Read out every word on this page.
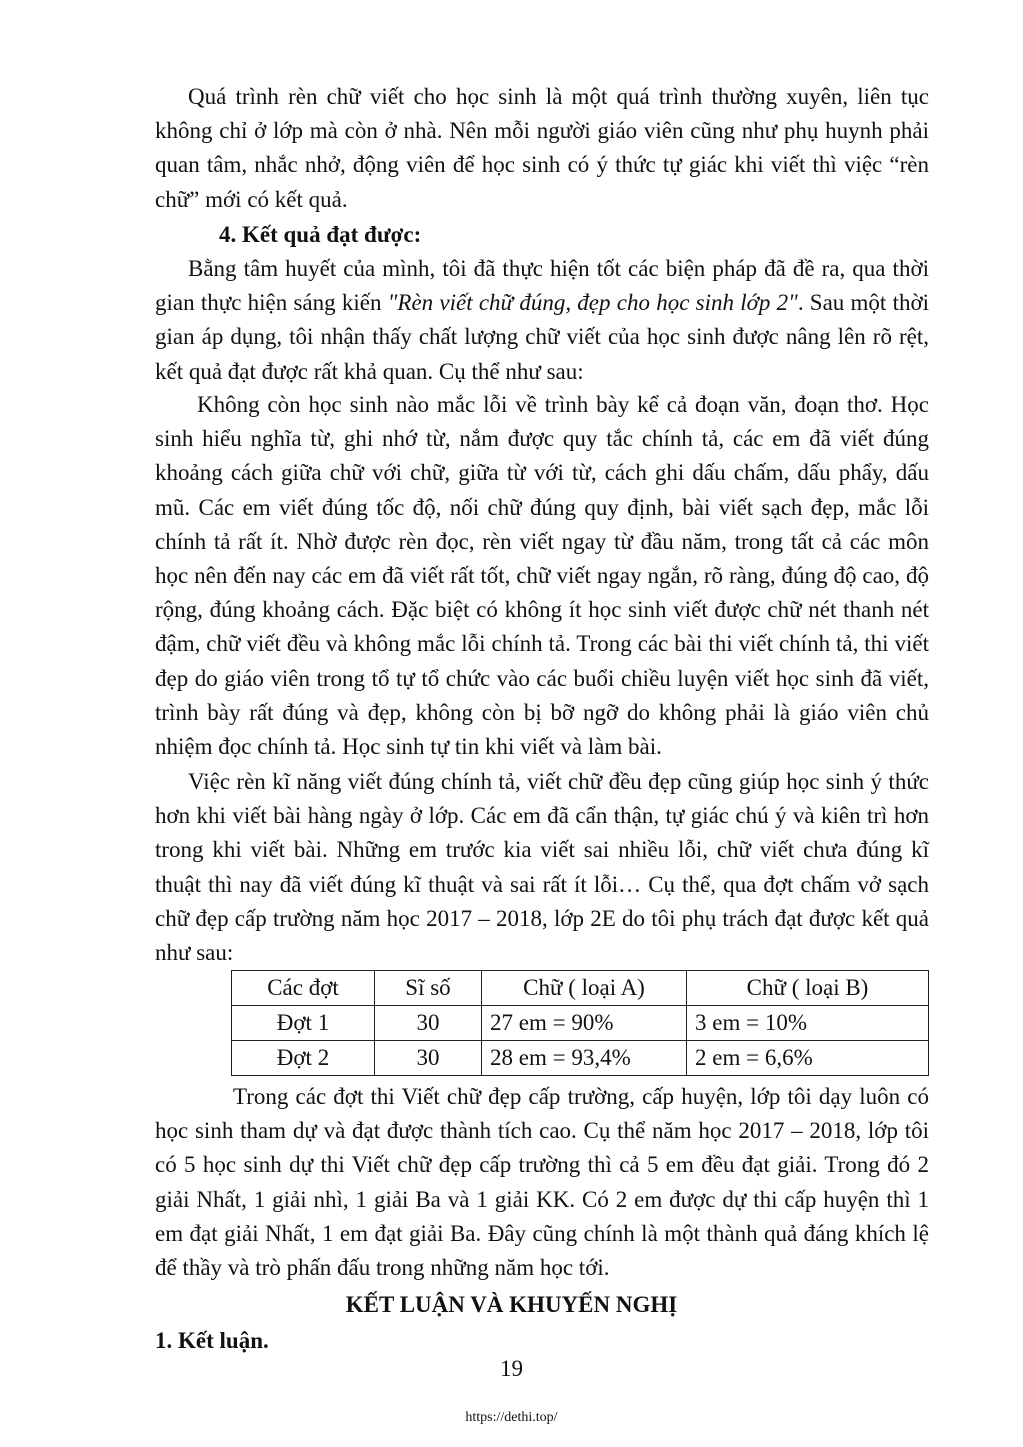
Quá trình rèn chữ viết cho học sinh là một quá trình thường xuyên, liên tục không chỉ ở lớp mà còn ở nhà. Nên mỗi người giáo viên cũng như phụ huynh phải quan tâm, nhắc nhở, động viên để học sinh có ý thức tự giác khi viết thì việc “rèn chữ” mới có kết quả.

4. Kết quả đạt được:

Bằng tâm huyết của mình, tôi đã thực hiện tốt các biện pháp đã đề ra, qua thời gian thực hiện sáng kiến "Rèn viết chữ đúng, đẹp cho học sinh lớp 2". Sau một thời gian áp dụng, tôi nhận thấy chất lượng chữ viết của học sinh được nâng lên rõ rệt, kết quả đạt được rất khả quan. Cụ thể như sau:

Không còn học sinh nào mắc lỗi về trình bày kể cả đoạn văn, đoạn thơ. Học sinh hiểu nghĩa từ, ghi nhớ từ, nắm được quy tắc chính tả, các em đã viết đúng khoảng cách giữa chữ với chữ, giữa từ với từ, cách ghi dấu chấm, dấu phẩy, dấu mũ. Các em viết đúng tốc độ, nối chữ đúng quy định, bài viết sạch đẹp, mắc lỗi chính tả rất ít. Nhờ được rèn đọc, rèn viết ngay từ đầu năm, trong tất cả các môn học nên đến nay các em đã viết rất tốt, chữ viết ngay ngắn, rõ ràng, đúng độ cao, độ rộng, đúng khoảng cách. Đặc biệt có không ít học sinh viết được chữ nét thanh nét đậm, chữ viết đều và không mắc lỗi chính tả. Trong các bài thi viết chính tả, thi viết đẹp do giáo viên trong tổ tự tổ chức vào các buổi chiều luyện viết học sinh đã viết, trình bày rất đúng và đẹp, không còn bị bỡ ngỡ do không phải là giáo viên chủ nhiệm đọc chính tả. Học sinh tự tin khi viết và làm bài.

Việc rèn kĩ năng viết đúng chính tả, viết chữ đều đẹp cũng giúp học sinh ý thức hơn khi viết bài hàng ngày ở lớp. Các em đã cẩn thận, tự giác chú ý và kiên trì hơn trong khi viết bài. Những em trước kia viết sai nhiều lỗi, chữ viết chưa đúng kĩ thuật thì nay đã viết đúng kĩ thuật và sai rất ít lỗi… Cụ thể, qua đợt chấm vở sạch chữ đẹp cấp trường năm học 2017 – 2018, lớp 2E do tôi phụ trách đạt được kết quả như sau:

Các đợt	Sĩ số	Chữ ( loại A)	Chữ ( loại B)
Đợt 1	30	27 em = 90%	3 em = 10%
Đợt 2	30	28 em = 93,4%	2 em = 6,6%

Trong các đợt thi Viết chữ đẹp cấp trường, cấp huyện, lớp tôi dạy luôn có học sinh tham dự và đạt được thành tích cao. Cụ thể năm học 2017 – 2018, lớp tôi có 5 học sinh dự thi Viết chữ đẹp cấp trường thì cả 5 em đều đạt giải. Trong đó 2 giải Nhất, 1 giải nhì, 1 giải Ba và 1 giải KK. Có 2 em được dự thi cấp huyện thì 1 em đạt giải Nhất, 1 em đạt giải Ba. Đây cũng chính là một thành quả đáng khích lệ để thầy và trò phấn đấu trong những năm học tới.

KẾT LUẬN VÀ KHUYẾN NGHỊ
1. Kết luận.
19
https://dethi.top/
